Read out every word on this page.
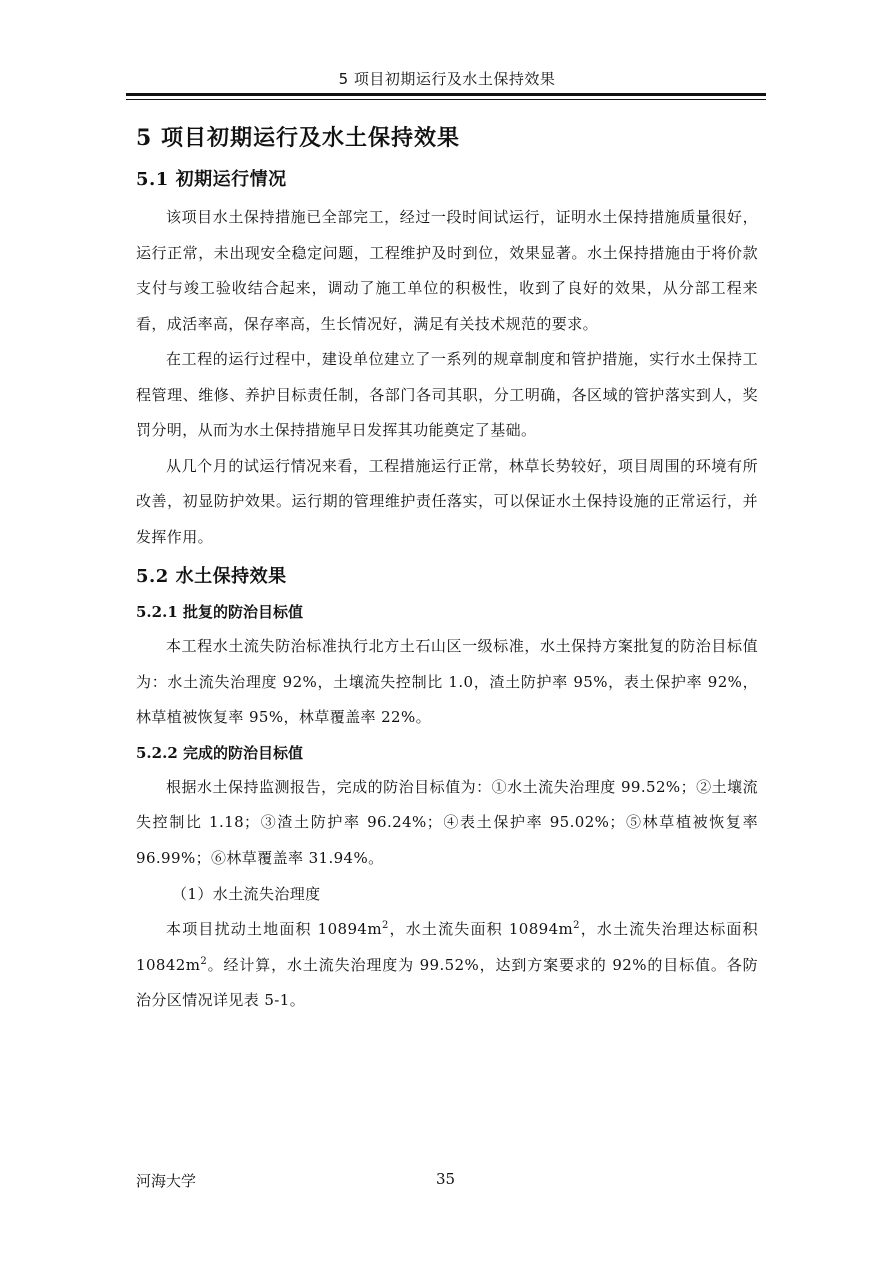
5 项目初期运行及水土保持效果
5 项目初期运行及水土保持效果
5.1 初期运行情况

该项目水土保持措施已全部完工，经过一段时间试运行，证明水土保持措施质量很好，运行正常，未出现安全稳定问题，工程维护及时到位，效果显著。水土保持措施由于将价款支付与竣工验收结合起来，调动了施工单位的积极性，收到了良好的效果，从分部工程来看，成活率高，保存率高，生长情况好，满足有关技术规范的要求。

在工程的运行过程中，建设单位建立了一系列的规章制度和管护措施，实行水土保持工程管理、维修、养护目标责任制，各部门各司其职，分工明确，各区域的管护落实到人，奖罚分明，从而为水土保持措施早日发挥其功能奠定了基础。

从几个月的试运行情况来看，工程措施运行正常，林草长势较好，项目周围的环境有所改善，初显防护效果。运行期的管理维护责任落实，可以保证水土保持设施的正常运行，并发挥作用。

5.2 水土保持效果
5.2.1 批复的防治目标值

本工程水土流失防治标准执行北方土石山区一级标准，水土保持方案批复的防治目标值为：水土流失治理度 92%，土壤流失控制比 1.0，渣土防护率 95%，表土保护率 92%，林草植被恢复率 95%，林草覆盖率 22%。

5.2.2 完成的防治目标值

根据水土保持监测报告，完成的防治目标值为：①水土流失治理度 99.52%；②土壤流失控制比 1.18；③渣土防护率 96.24%；④表土保护率 95.02%；⑤林草植被恢复率 96.99%；⑥林草覆盖率 31.94%。

（1）水土流失治理度

本项目扰动土地面积 $10894m^2$，水土流失面积 $10894m^2$，水土流失治理达标面积 $10842m^2$。经计算，水土流失治理度为 99.52%，达到方案要求的 92%的目标值。各防治分区情况详见表 5-1。

河海大学	35
